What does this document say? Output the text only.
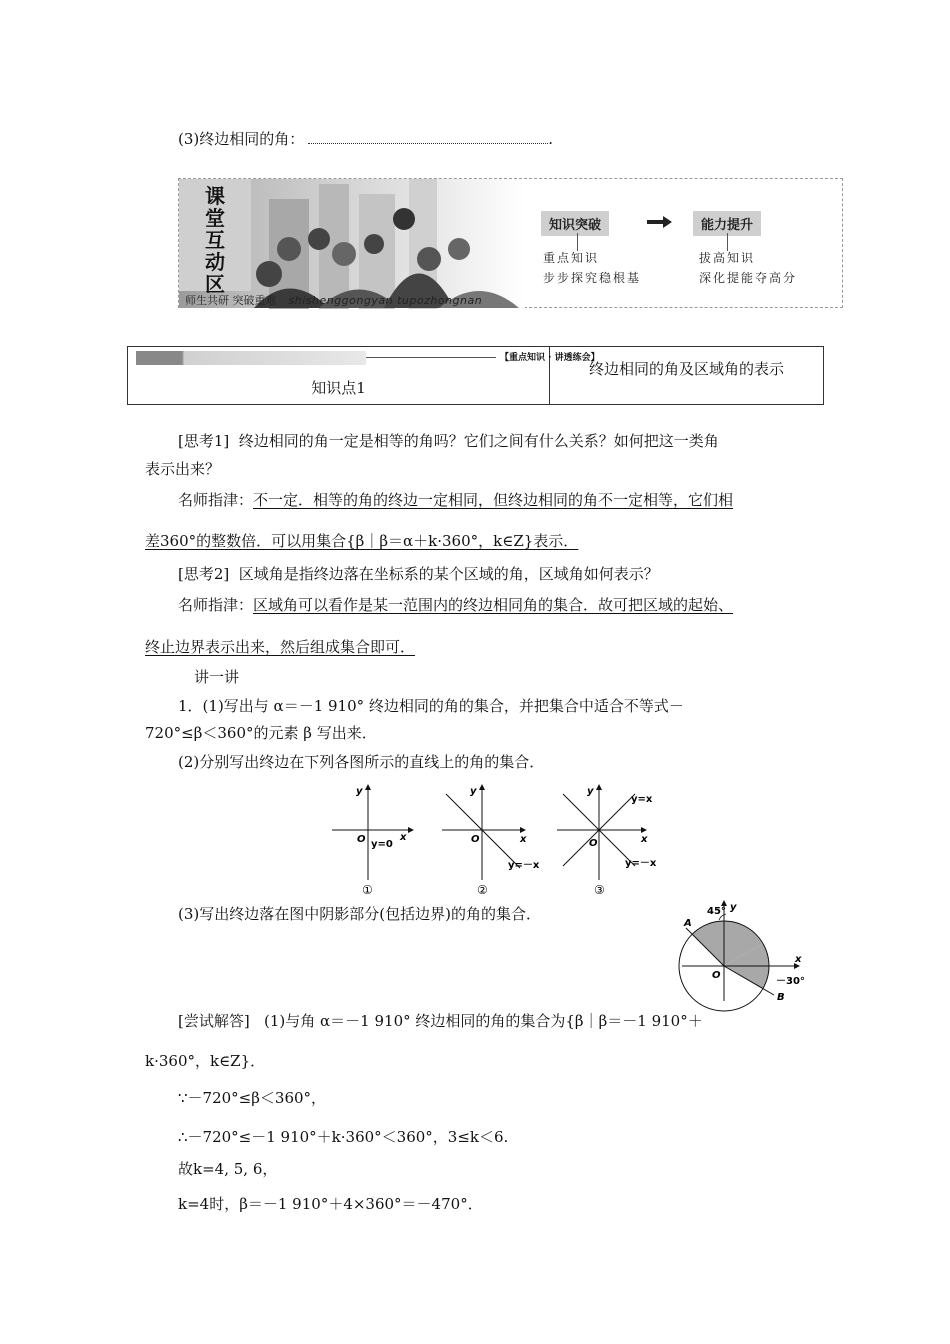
(3)终边相同的角：	.
课
堂
互
动
区
师生共研 突破重难 shishenggongyan tupozhongnan
知识突破	能力提升
重点知识
步步探究稳根基
拔高知识
深化提能夺高分
【重点知识 · 讲透练会】
知识点1
终边相同的角及区域角的表示
[思考1] 终边相同的角一定是相等的角吗？它们之间有什么关系？如何把这一类角
表示出来？
名师指津：不一定．相等的角的终边一定相同，但终边相同的角不一定相等，它们相
差360°的整数倍．可以用集合{β｜β＝α＋k·360°，k∈Z}表示．
[思考2] 区域角是指终边落在坐标系的某个区域的角，区域角如何表示？
名师指津：区域角可以看作是某一范围内的终边相同角的集合．故可把区域的起始、
终止边界表示出来，然后组成集合即可．
讲一讲
1．(1)写出与 α＝－1 910° 终边相同的角的集合，并把集合中适合不等式－
720°≤β＜360°的元素 β 写出来．
(2)分别写出终边在下列各图所示的直线上的角的集合．
y
x
O y=0
①
y
x
O
y=－x
②
y
x
O
y=x
y=－x
③
(3)写出终边落在图中阴影部分(包括边界)的角的集合．	45° y
A
x
O
－30°
B
[尝试解答] (1)与角 α＝－1 910° 终边相同的角的集合为{β｜β＝－1 910°＋
k·360°，k∈Z}．
∵－720°≤β＜360°，
∴－720°≤－1 910°＋k·360°＜360°，3≤k＜6.
故k=4, 5, 6，
k=4时，β＝－1 910°＋4×360°＝－470°．
